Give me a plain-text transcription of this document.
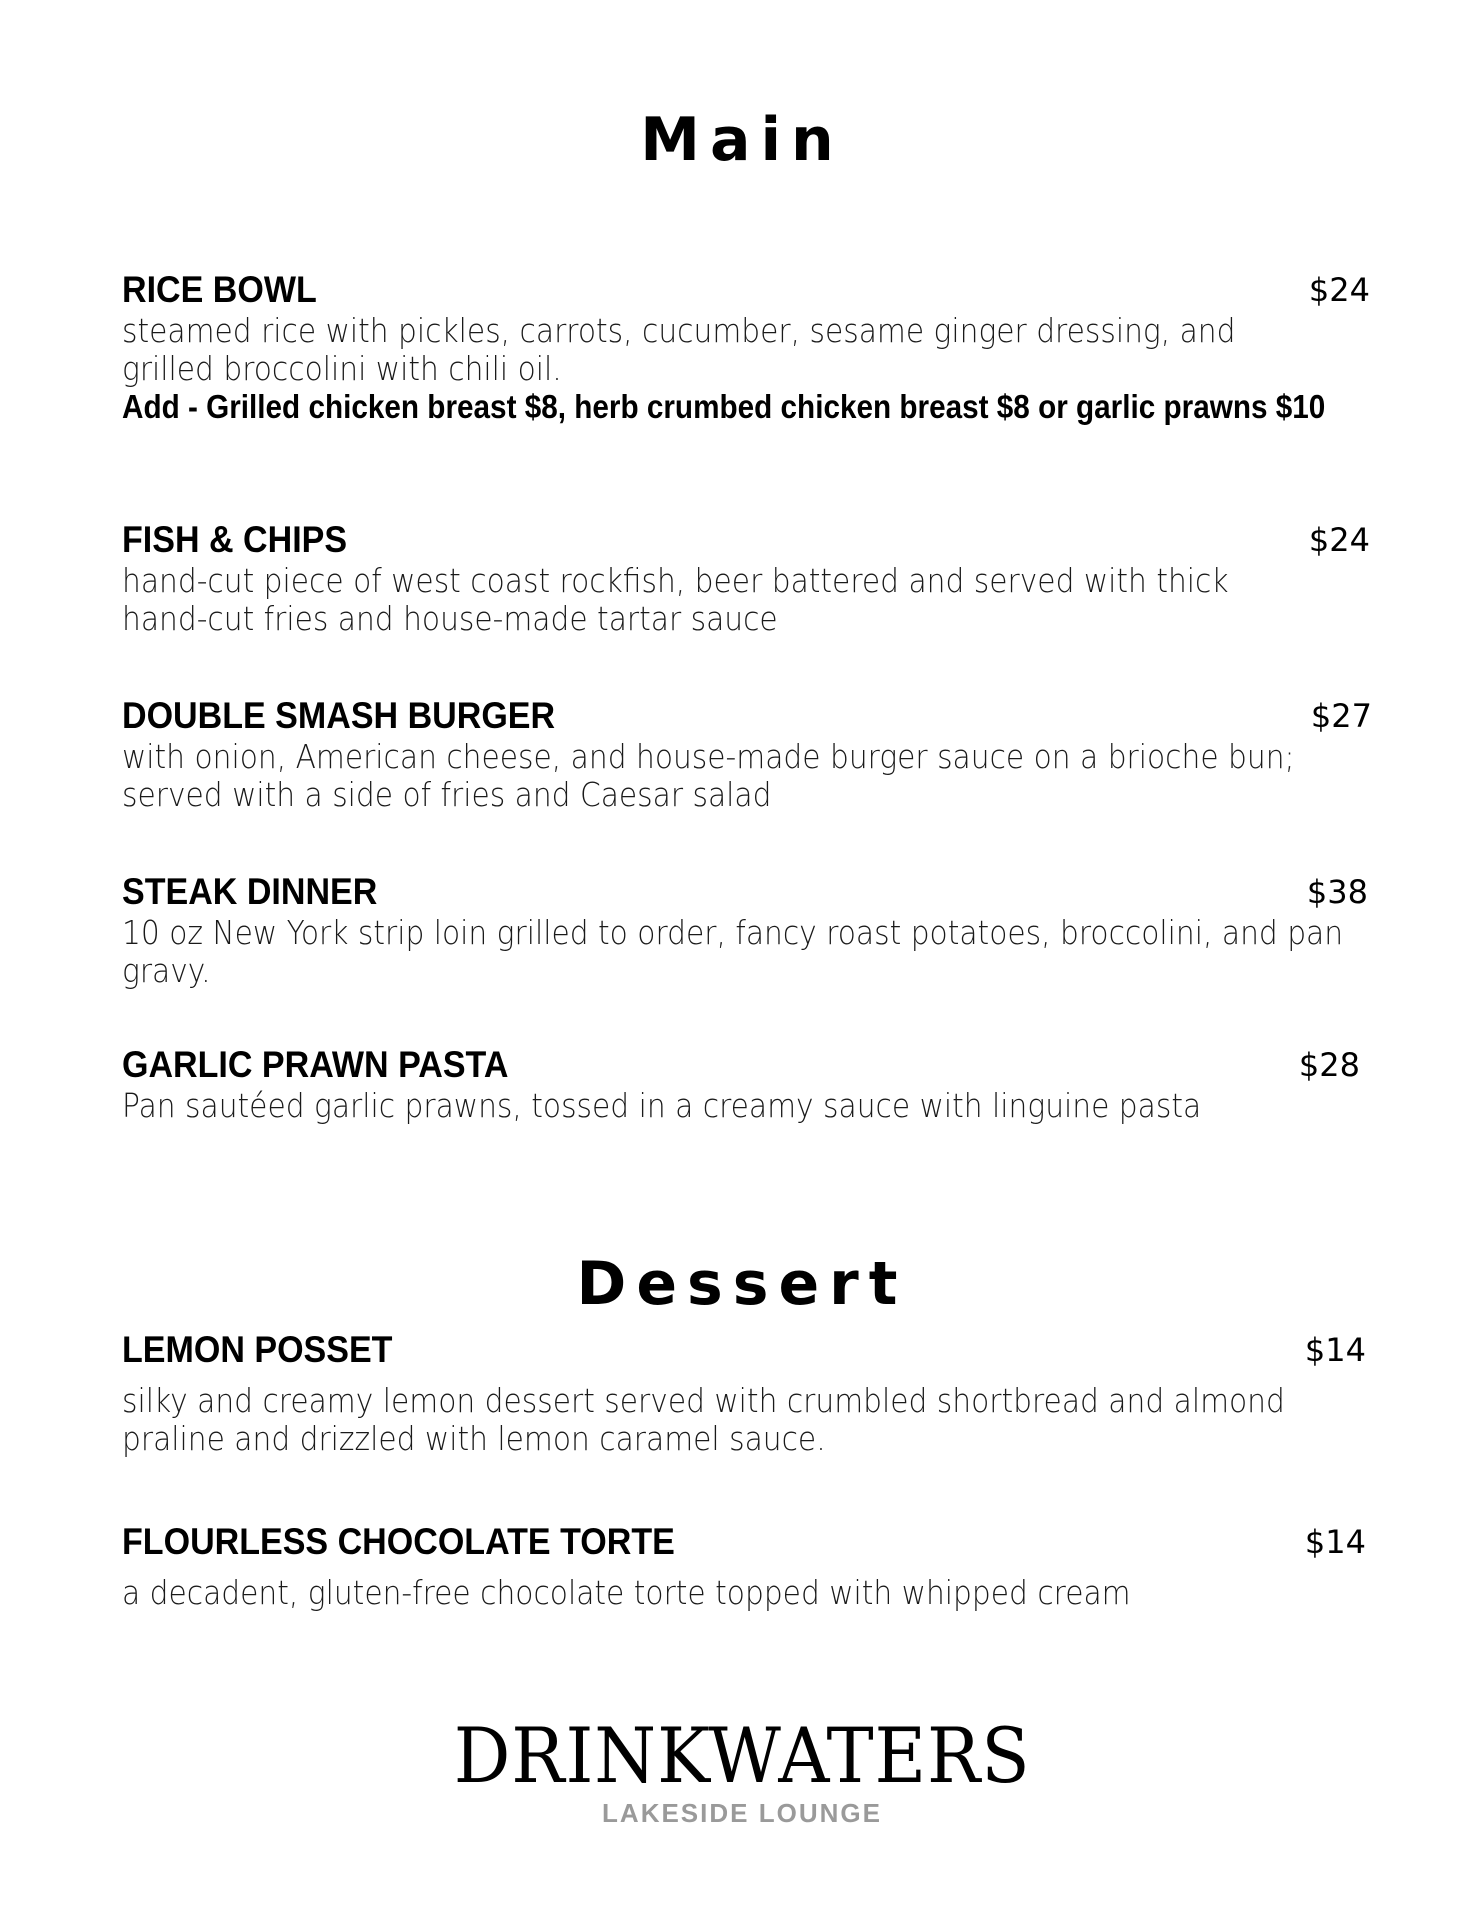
Main
RICE BOWL	$24

steamed rice with pickles, carrots, cucumber, sesame ginger dressing, and grilled broccolini with chili oil.

Add - Grilled chicken breast $8, herb crumbed chicken breast $8 or garlic prawns $10

FISH & CHIPS	$24

hand-cut piece of west coast rockfish, beer battered and served with thick hand-cut fries and house-made tartar sauce

DOUBLE SMASH BURGER	$27

with onion, American cheese, and house-made burger sauce on a brioche bun; served with a side of fries and Caesar salad

STEAK DINNER	$38

10 oz New York strip loin grilled to order, fancy roast potatoes, broccolini, and pan gravy.

GARLIC PRAWN PASTA	$28

Pan sautéed garlic prawns, tossed in a creamy sauce with linguine pasta

Dessert
LEMON POSSET	$14

silky and creamy lemon dessert served with crumbled shortbread and almond praline and drizzled with lemon caramel sauce.

FLOURLESS CHOCOLATE TORTE	$14

a decadent, gluten-free chocolate torte topped with whipped cream

DRINKWATERS
LAKESIDE LOUNGE
